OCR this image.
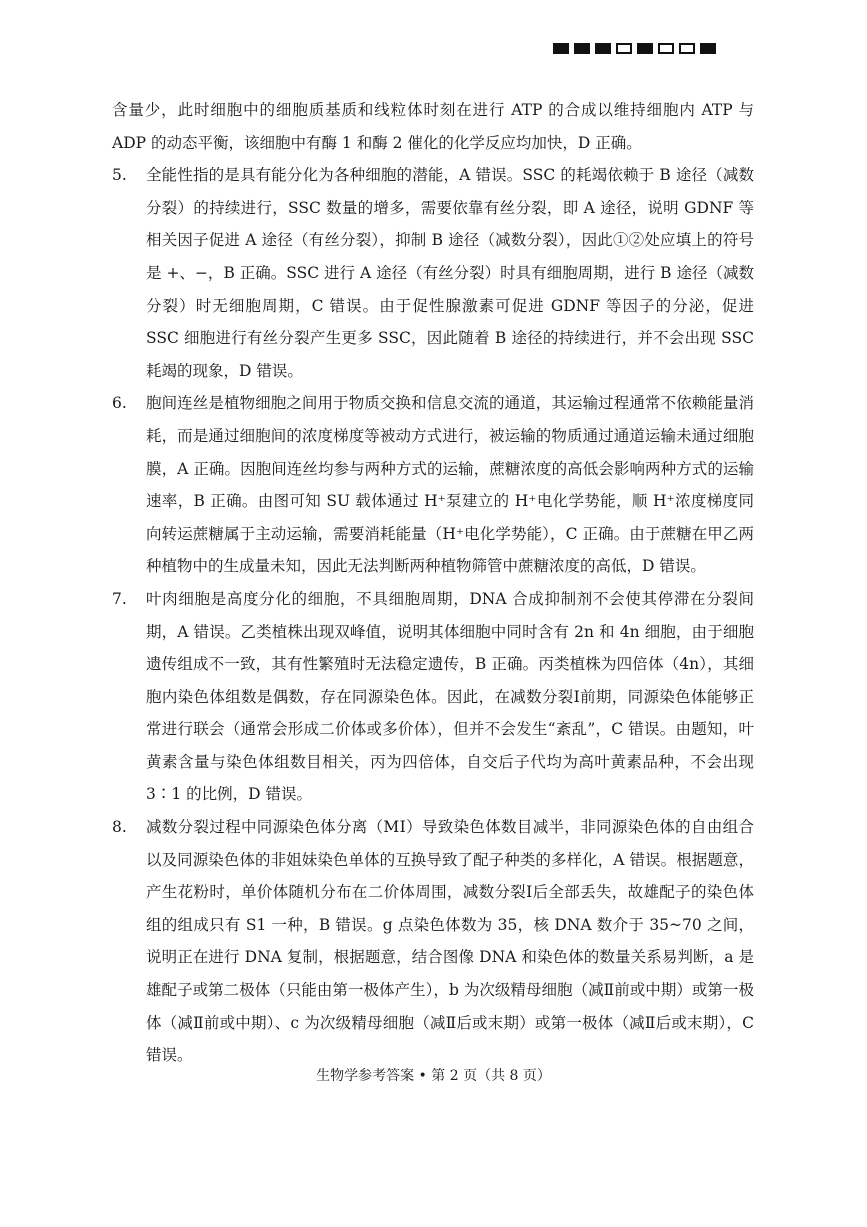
含量少，此时细胞中的细胞质基质和线粒体时刻在进行 ATP 的合成以维持细胞内 ATP 与 ADP 的动态平衡，该细胞中有酶 1 和酶 2 催化的化学反应均加快，D 正确。

5. 全能性指的是具有能分化为各种细胞的潜能，A 错误。SSC 的耗竭依赖于 B 途径（减数分裂）的持续进行，SSC 数量的增多，需要依靠有丝分裂，即 A 途径，说明 GDNF 等相关因子促进 A 途径（有丝分裂），抑制 B 途径（减数分裂），因此①②处应填上的符号是 +、−，B 正确。SSC 进行 A 途径（有丝分裂）时具有细胞周期，进行 B 途径（减数分裂）时无细胞周期，C 错误。由于促性腺激素可促进 GDNF 等因子的分泌，促进 SSC 细胞进行有丝分裂产生更多 SSC，因此随着 B 途径的持续进行，并不会出现 SSC 耗竭的现象，D 错误。
6. 胞间连丝是植物细胞之间用于物质交换和信息交流的通道，其运输过程通常不依赖能量消耗，而是通过细胞间的浓度梯度等被动方式进行，被运输的物质通过通道运输未通过细胞膜，A 正确。因胞间连丝均参与两种方式的运输，蔗糖浓度的高低会影响两种方式的运输速率，B 正确。由图可知 SU 载体通过 H⁺泵建立的 H⁺电化学势能，顺 H⁺浓度梯度同向转运蔗糖属于主动运输，需要消耗能量（H⁺电化学势能），C 正确。由于蔗糖在甲乙两种植物中的生成量未知，因此无法判断两种植物筛管中蔗糖浓度的高低，D 错误。
7. 叶肉细胞是高度分化的细胞，不具细胞周期，DNA 合成抑制剂不会使其停滞在分裂间期，A 错误。乙类植株出现双峰值，说明其体细胞中同时含有 2n 和 4n 细胞，由于细胞遗传组成不一致，其有性繁殖时无法稳定遗传，B 正确。丙类植株为四倍体（4n），其细胞内染色体组数是偶数，存在同源染色体。因此，在减数分裂Ⅰ前期，同源染色体能够正常进行联会（通常会形成二价体或多价体），但并不会发生“紊乱”，C 错误。由题知，叶黄素含量与染色体组数目相关，丙为四倍体，自交后子代均为高叶黄素品种，不会出现 3∶1 的比例，D 错误。
8. 减数分裂过程中同源染色体分离（MⅠ）导致染色体数目减半，非同源染色体的自由组合以及同源染色体的非姐妹染色单体的互换导致了配子种类的多样化，A 错误。根据题意，产生花粉时，单价体随机分布在二价体周围，减数分裂Ⅰ后全部丢失，故雄配子的染色体组的组成只有 S1 一种，B 错误。g 点染色体数为 35，核 DNA 数介于 35~70 之间，说明正在进行 DNA 复制，根据题意，结合图像 DNA 和染色体的数量关系易判断，a 是雄配子或第二极体（只能由第一极体产生），b 为次级精母细胞（减Ⅱ前或中期）或第一极体（减Ⅱ前或中期）、c 为次级精母细胞（减Ⅱ后或末期）或第一极体（减Ⅱ后或末期），C 错误。
生物学参考答案 • 第 2 页（共 8 页）
